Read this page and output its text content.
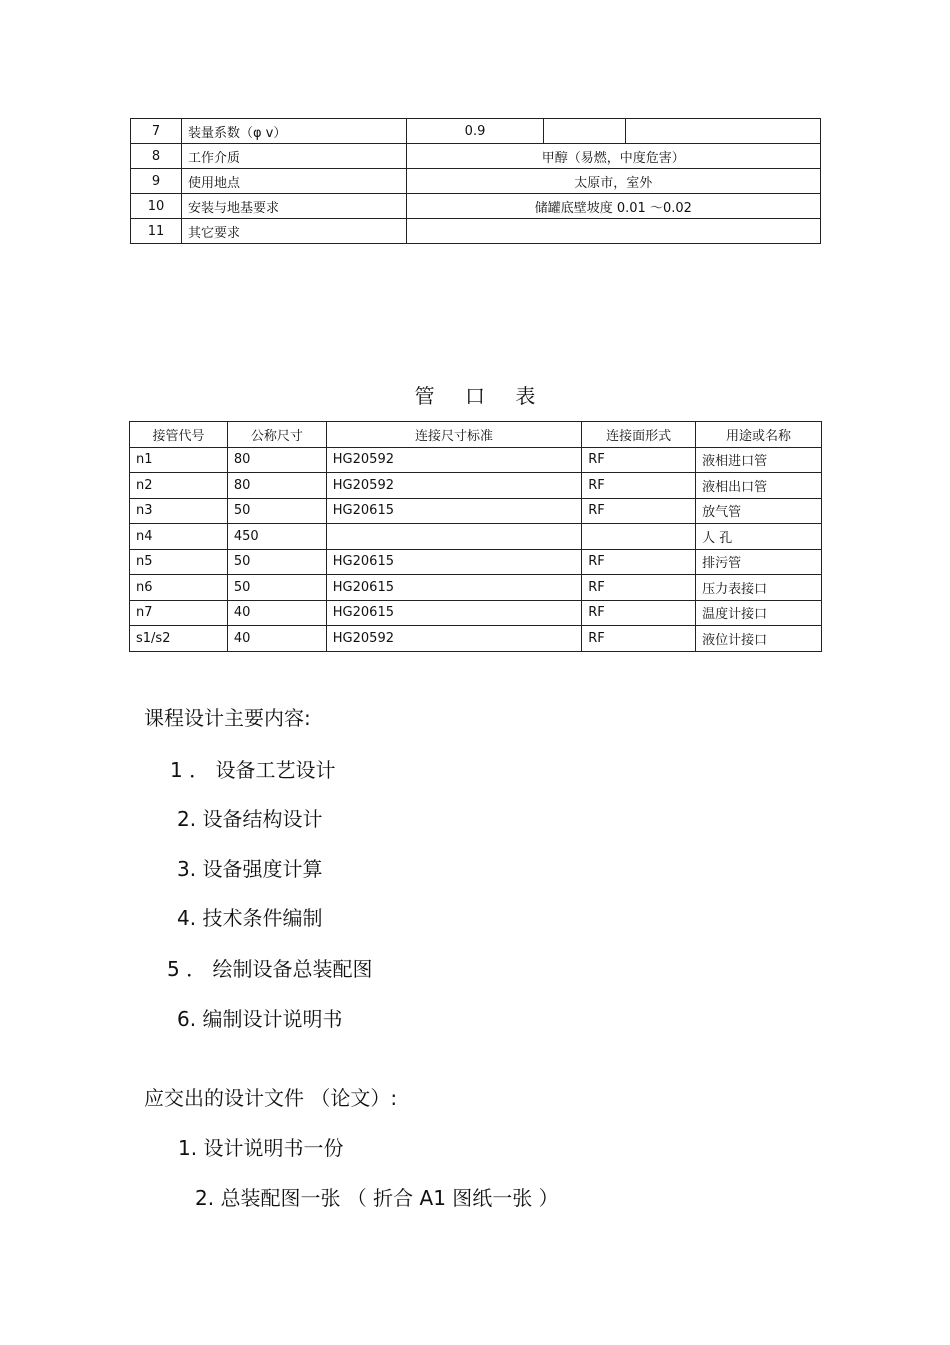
7	装量系数（φ v）	0.9		
8	工作介质	甲醇（易燃，中度危害）		
9	使用地点	太原市，室外		
10	安装与地基要求	储罐底壁坡度 0.01 ～0.02		
11	其它要求			
管 口 表
接管代号	公称尺寸	连接尺寸标准	连接面形式	用途或名称
n1	80	HG20592	RF	液相进口管
n2	80	HG20592	RF	液相出口管
n3	50	HG20615	RF	放气管
n4	450			人 孔
n5	50	HG20615	RF	排污管
n6	50	HG20615	RF	压力表接口
n7	40	HG20615	RF	温度计接口
s1/s2	40	HG20592	RF	液位计接口
课程设计主要内容:
1 ． 设备工艺设计
2. 设备结构设计
3. 设备强度计算
4. 技术条件编制
5 ． 绘制设备总装配图
6. 编制设计说明书
应交出的设计文件 （论文）:
1. 设计说明书一份
2. 总装配图一张 （ 折合 A1 图纸一张 ）
